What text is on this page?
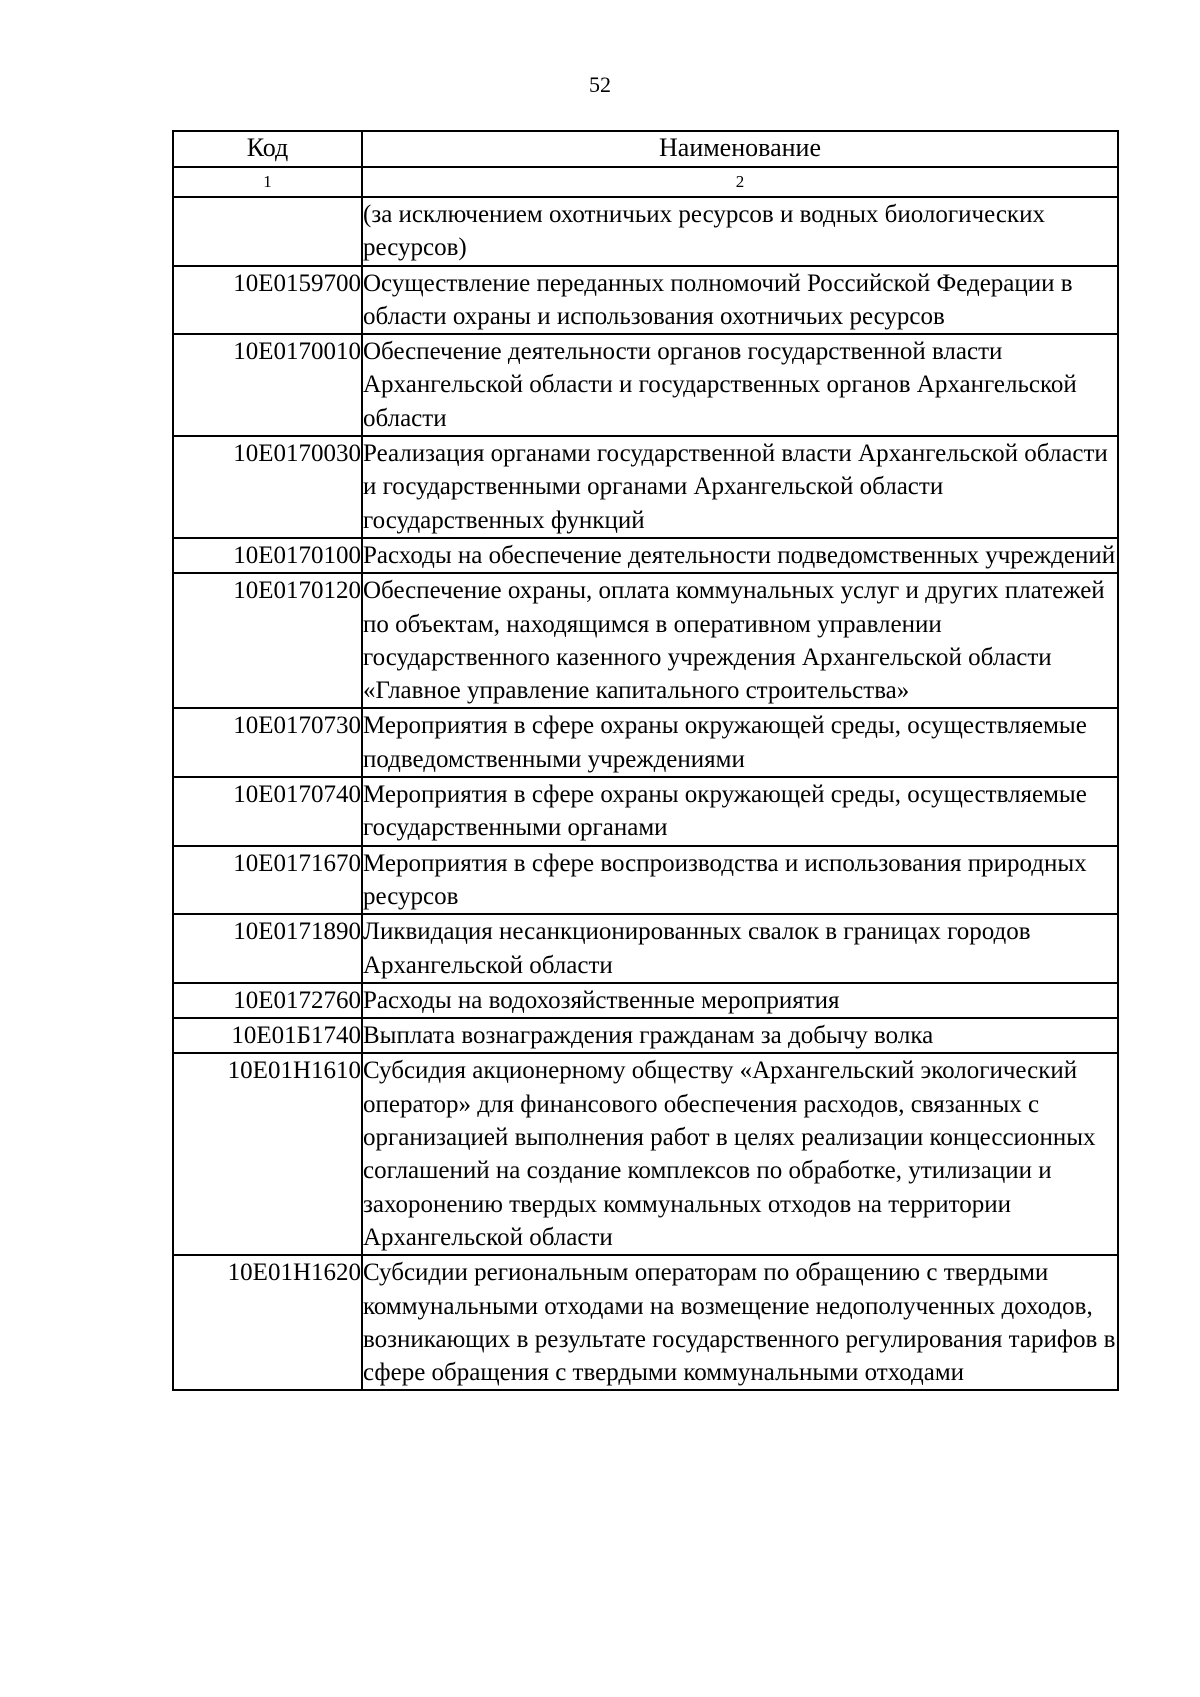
52
Код	Наименование
1	2
	(за исключением охотничьих ресурсов и водных биологических ресурсов)
10Е0159700	Осуществление переданных полномочий Российской Федерации в области охраны и использования охотничьих ресурсов
10Е0170010	Обеспечение деятельности органов государственной власти Архангельской области и государственных органов Архангельской области
10Е0170030	Реализация органами государственной власти Архангельской области и государственными органами Архангельской области государственных функций
10Е0170100	Расходы на обеспечение деятельности подведомственных учреждений
10Е0170120	Обеспечение охраны, оплата коммунальных услуг и других платежей по объектам, находящимся в оперативном управлении государственного казенного учреждения Архангельской области «Главное управление капитального строительства»
10Е0170730	Мероприятия в сфере охраны окружающей среды, осуществляемые подведомственными учреждениями
10Е0170740	Мероприятия в сфере охраны окружающей среды, осуществляемые государственными органами
10Е0171670	Мероприятия в сфере воспроизводства и использования природных ресурсов
10Е0171890	Ликвидация несанкционированных свалок в границах городов Архангельской области
10Е0172760	Расходы на водохозяйственные мероприятия
10Е01Б1740	Выплата вознаграждения гражданам за добычу волка
10Е01Н1610	Субсидия акционерному обществу «Архангельский экологический оператор» для финансового обеспечения расходов, связанных с организацией выполнения работ в целях реализации концессионных соглашений на создание комплексов по обработке, утилизации и захоронению твердых коммунальных отходов на территории Архангельской области
10Е01Н1620	Субсидии региональным операторам по обращению с твердыми коммунальными отходами на возмещение недополученных доходов, возникающих в результате государственного регулирования тарифов в сфере обращения с твердыми коммунальными отходами
